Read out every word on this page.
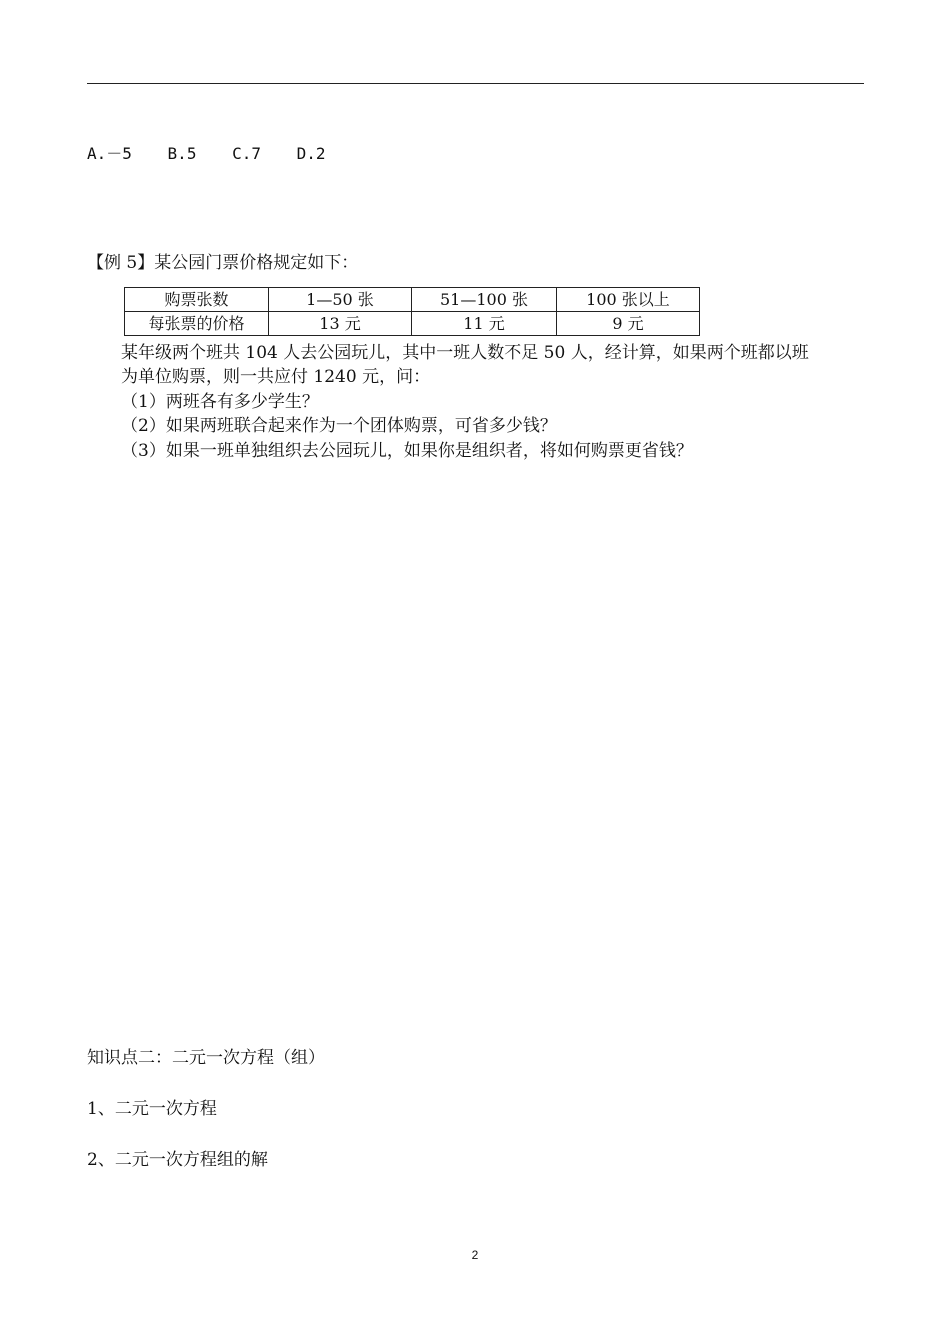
A.－5 B.5 C.7 D.2
【例 5】某公园门票价格规定如下：
购票张数	1—50 张	51—100 张	100 张以上
每张票的价格	13 元	11 元	9 元
某年级两个班共 104 人去公园玩儿，其中一班人数不足 50 人，经计算，如果两个班都以班
为单位购票，则一共应付 1240 元，问：
（1）两班各有多少学生？
（2）如果两班联合起来作为一个团体购票，可省多少钱？
（3）如果一班单独组织去公园玩儿，如果你是组织者，将如何购票更省钱？
知识点二：二元一次方程（组）
1、二元一次方程
2、二元一次方程组的解
2
